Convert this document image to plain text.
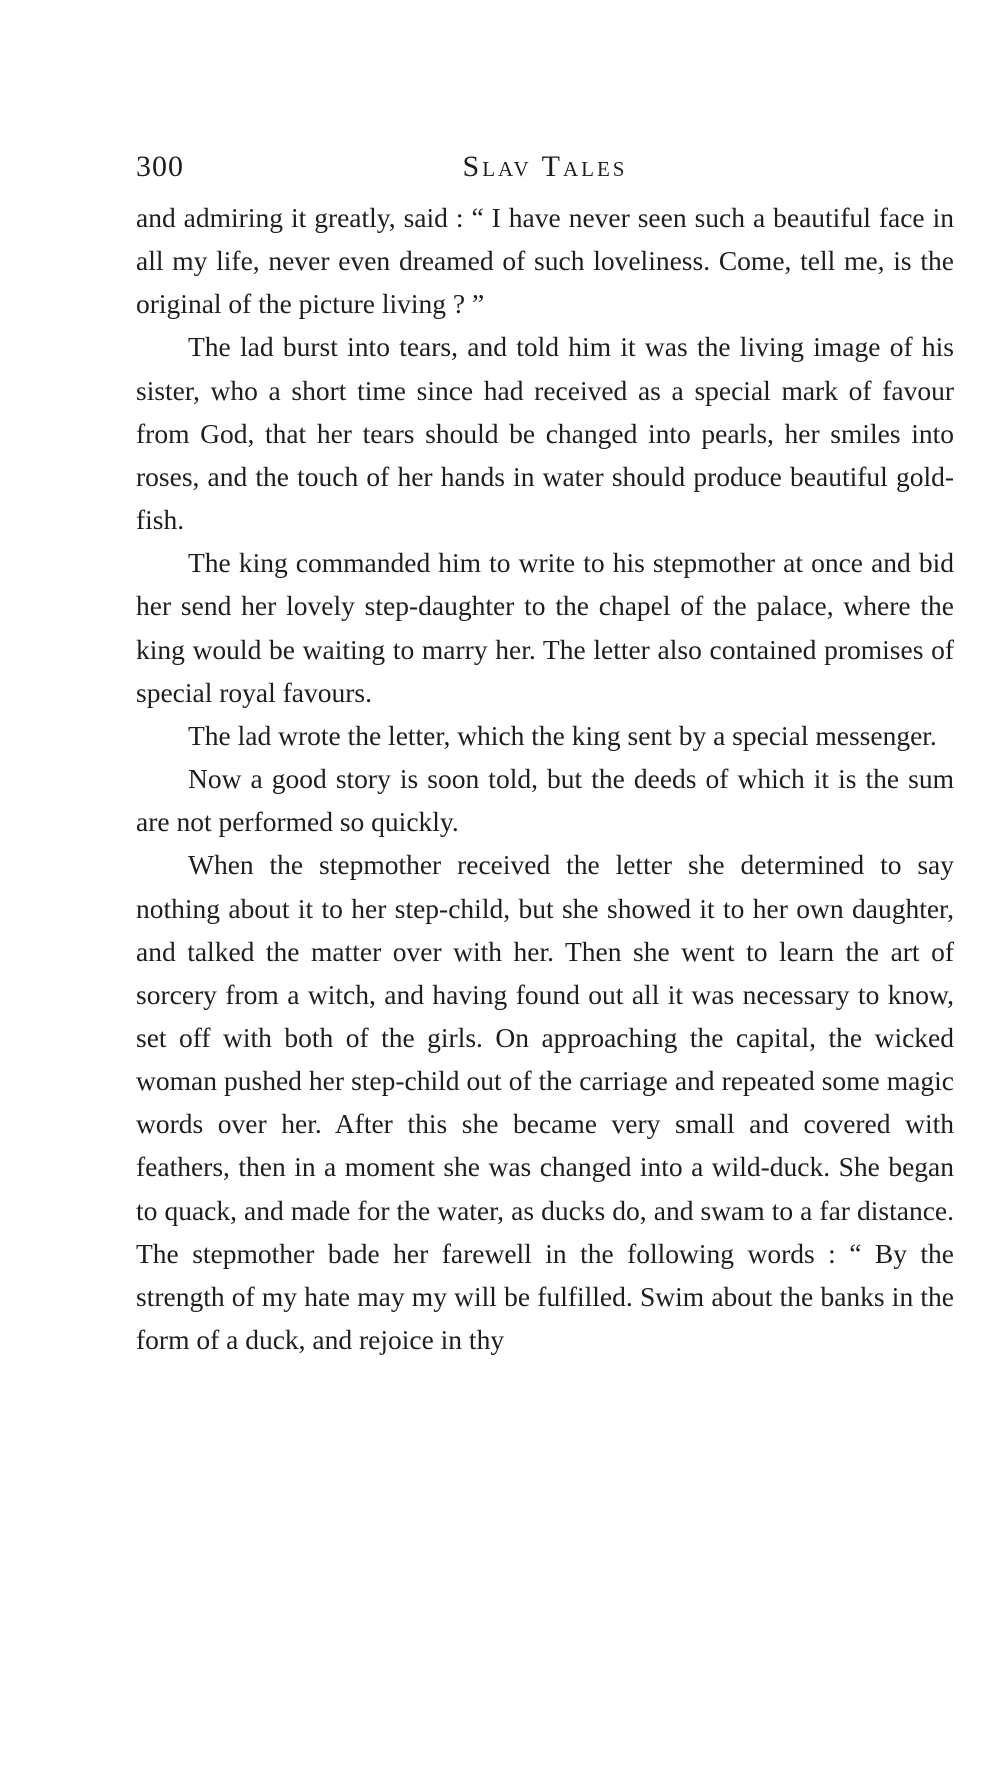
300	Slav Tales

and admiring it greatly, said : “ I have never seen such a beautiful face in all my life, never even dreamed of such loveliness. Come, tell me, is the original of the picture living ? ”

The lad burst into tears, and told him it was the living image of his sister, who a short time since had received as a special mark of favour from God, that her tears should be changed into pearls, her smiles into roses, and the touch of her hands in water should produce beautiful gold-fish.

The king commanded him to write to his stepmother at once and bid her send her lovely step-daughter to the chapel of the palace, where the king would be waiting to marry her. The letter also contained promises of special royal favours.

The lad wrote the letter, which the king sent by a special messenger.

Now a good story is soon told, but the deeds of which it is the sum are not performed so quickly.

When the stepmother received the letter she determined to say nothing about it to her step-child, but she showed it to her own daughter, and talked the matter over with her. Then she went to learn the art of sorcery from a witch, and having found out all it was necessary to know, set off with both of the girls. On approaching the capital, the wicked woman pushed her step-child out of the carriage and repeated some magic words over her. After this she became very small and covered with feathers, then in a moment she was changed into a wild-duck. She began to quack, and made for the water, as ducks do, and swam to a far distance. The stepmother bade her farewell in the following words : “ By the strength of my hate may my will be fulfilled. Swim about the banks in the form of a duck, and rejoice in thy
